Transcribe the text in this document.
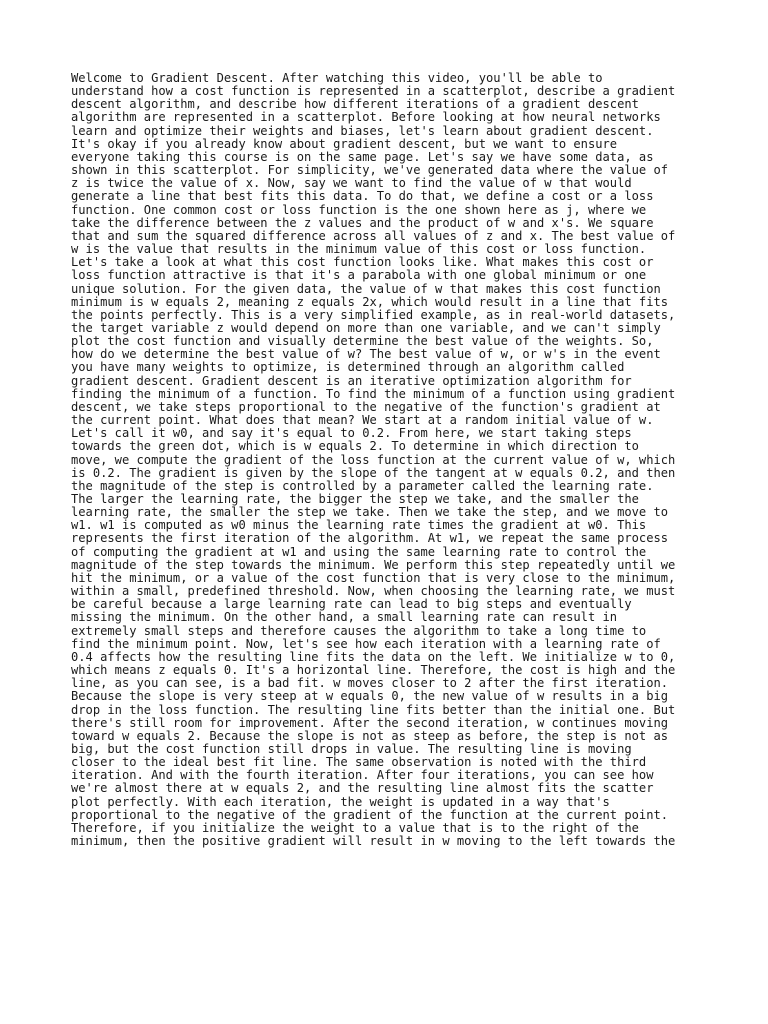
Welcome to Gradient Descent. After watching this video, you'll be able to
understand how a cost function is represented in a scatterplot, describe a gradient
descent algorithm, and describe how different iterations of a gradient descent
algorithm are represented in a scatterplot. Before looking at how neural networks
learn and optimize their weights and biases, let's learn about gradient descent.
It's okay if you already know about gradient descent, but we want to ensure
everyone taking this course is on the same page. Let's say we have some data, as
shown in this scatterplot. For simplicity, we've generated data where the value of
z is twice the value of x. Now, say we want to find the value of w that would
generate a line that best fits this data. To do that, we define a cost or a loss
function. One common cost or loss function is the one shown here as j, where we
take the difference between the z values and the product of w and x's. We square
that and sum the squared difference across all values of z and x. The best value of
w is the value that results in the minimum value of this cost or loss function.
Let's take a look at what this cost function looks like. What makes this cost or
loss function attractive is that it's a parabola with one global minimum or one
unique solution. For the given data, the value of w that makes this cost function
minimum is w equals 2, meaning z equals 2x, which would result in a line that fits
the points perfectly. This is a very simplified example, as in real-world datasets,
the target variable z would depend on more than one variable, and we can't simply
plot the cost function and visually determine the best value of the weights. So,
how do we determine the best value of w? The best value of w, or w's in the event
you have many weights to optimize, is determined through an algorithm called
gradient descent. Gradient descent is an iterative optimization algorithm for
finding the minimum of a function. To find the minimum of a function using gradient
descent, we take steps proportional to the negative of the function's gradient at
the current point. What does that mean? We start at a random initial value of w.
Let's call it w0, and say it's equal to 0.2. From here, we start taking steps
towards the green dot, which is w equals 2. To determine in which direction to
move, we compute the gradient of the loss function at the current value of w, which
is 0.2. The gradient is given by the slope of the tangent at w equals 0.2, and then
the magnitude of the step is controlled by a parameter called the learning rate.
The larger the learning rate, the bigger the step we take, and the smaller the
learning rate, the smaller the step we take. Then we take the step, and we move to
w1. w1 is computed as w0 minus the learning rate times the gradient at w0. This
represents the first iteration of the algorithm. At w1, we repeat the same process
of computing the gradient at w1 and using the same learning rate to control the
magnitude of the step towards the minimum. We perform this step repeatedly until we
hit the minimum, or a value of the cost function that is very close to the minimum,
within a small, predefined threshold. Now, when choosing the learning rate, we must
be careful because a large learning rate can lead to big steps and eventually
missing the minimum. On the other hand, a small learning rate can result in
extremely small steps and therefore causes the algorithm to take a long time to
find the minimum point. Now, let's see how each iteration with a learning rate of
0.4 affects how the resulting line fits the data on the left. We initialize w to 0,
which means z equals 0. It's a horizontal line. Therefore, the cost is high and the
line, as you can see, is a bad fit. w moves closer to 2 after the first iteration.
Because the slope is very steep at w equals 0, the new value of w results in a big
drop in the loss function. The resulting line fits better than the initial one. But
there's still room for improvement. After the second iteration, w continues moving
toward w equals 2. Because the slope is not as steep as before, the step is not as
big, but the cost function still drops in value. The resulting line is moving
closer to the ideal best fit line. The same observation is noted with the third
iteration. And with the fourth iteration. After four iterations, you can see how
we're almost there at w equals 2, and the resulting line almost fits the scatter
plot perfectly. With each iteration, the weight is updated in a way that's
proportional to the negative of the gradient of the function at the current point.
Therefore, if you initialize the weight to a value that is to the right of the
minimum, then the positive gradient will result in w moving to the left towards the
